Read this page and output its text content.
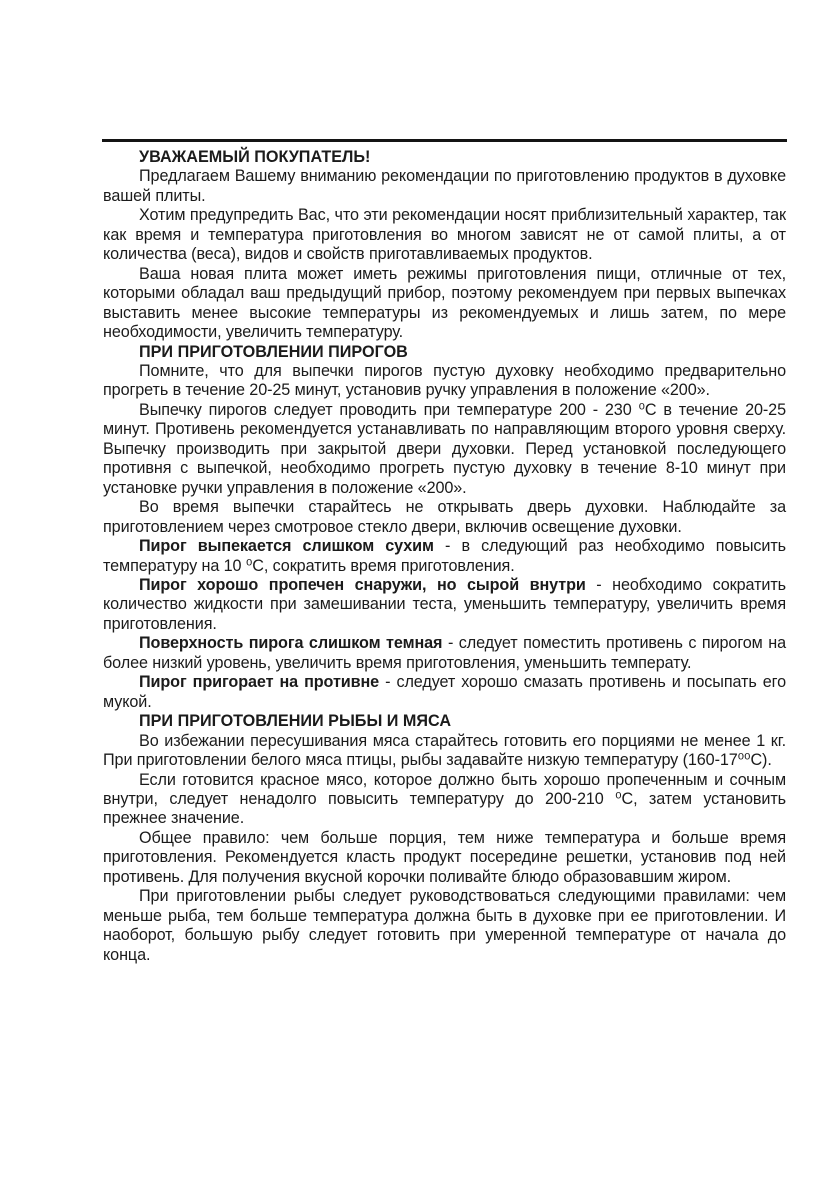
УВАЖАЕМЫЙ ПОКУПАТЕЛЬ!

Предлагаем Вашему вниманию рекомендации по приготовлению продуктов в духовке вашей плиты.

Хотим предупредить Вас, что эти рекомендации носят приблизительный характер, так как время и температура приготовления во многом зависят не от самой плиты, а от количества (веса), видов и свойств приготавливаемых продуктов.

Ваша новая плита может иметь режимы приготовления пищи, отличные от тех, которыми обладал ваш предыдущий прибор, поэтому рекомендуем при первых выпечках выставить менее высокие температуры из рекомендуемых и лишь затем, по мере необходимости, увеличить температуру.

ПРИ ПРИГОТОВЛЕНИИ ПИРОГОВ

Помните, что для выпечки пирогов пустую духовку необходимо предварительно прогреть в течение 20-25 минут, установив ручку управления в положение «200».

Выпечку пирогов следует проводить при температуре 200 - 230 ⁰С в течение 20-25 минут. Противень рекомендуется устанавливать по направляющим второго уровня сверху. Выпечку производить при закрытой двери духовки. Перед установкой последующего противня с выпечкой, необходимо прогреть пустую духовку в течение 8-10 минут при установке ручки управления в положение «200».

Во время выпечки старайтесь не открывать дверь духовки. Наблюдайте за приготовлением через смотровое стекло двери, включив освещение духовки.

Пирог выпекается слишком сухим - в следующий раз необходимо повысить температуру на 10 ⁰С, сократить время приготовления.

Пирог хорошо пропечен снаружи, но сырой внутри - необходимо сократить количество жидкости при замешивании теста, уменьшить температуру, увеличить время приготовления.

Поверхность пирога слишком темная - следует поместить противень с пирогом на более низкий уровень, увеличить время приготовления, уменьшить температу.

Пирог пригорает на противне - следует хорошо смазать противень и посыпать его мукой.

ПРИ ПРИГОТОВЛЕНИИ РЫБЫ И МЯСА

Во избежании пересушивания мяса старайтесь готовить его порциями не менее 1 кг. При приготовлении белого мяса птицы, рыбы задавайте низкую температуру (160-17⁰⁰С).

Если готовится красное мясо, которое должно быть хорошо пропеченным и сочным внутри, следует ненадолго повысить температуру до 200-210 ⁰С, затем установить прежнее значение.

Общее правило: чем больше порция, тем ниже температура и больше время приготовления. Рекомендуется класть продукт посередине решетки, установив под ней противень. Для получения вкусной корочки поливайте блюдо образовавшим жиром.

При приготовлении рыбы следует руководствоваться следующими правилами: чем меньше рыба, тем больше температура должна быть в духовке при ее приготовлении. И наоборот, большую рыбу следует готовить при умеренной температуре от начала до конца.
